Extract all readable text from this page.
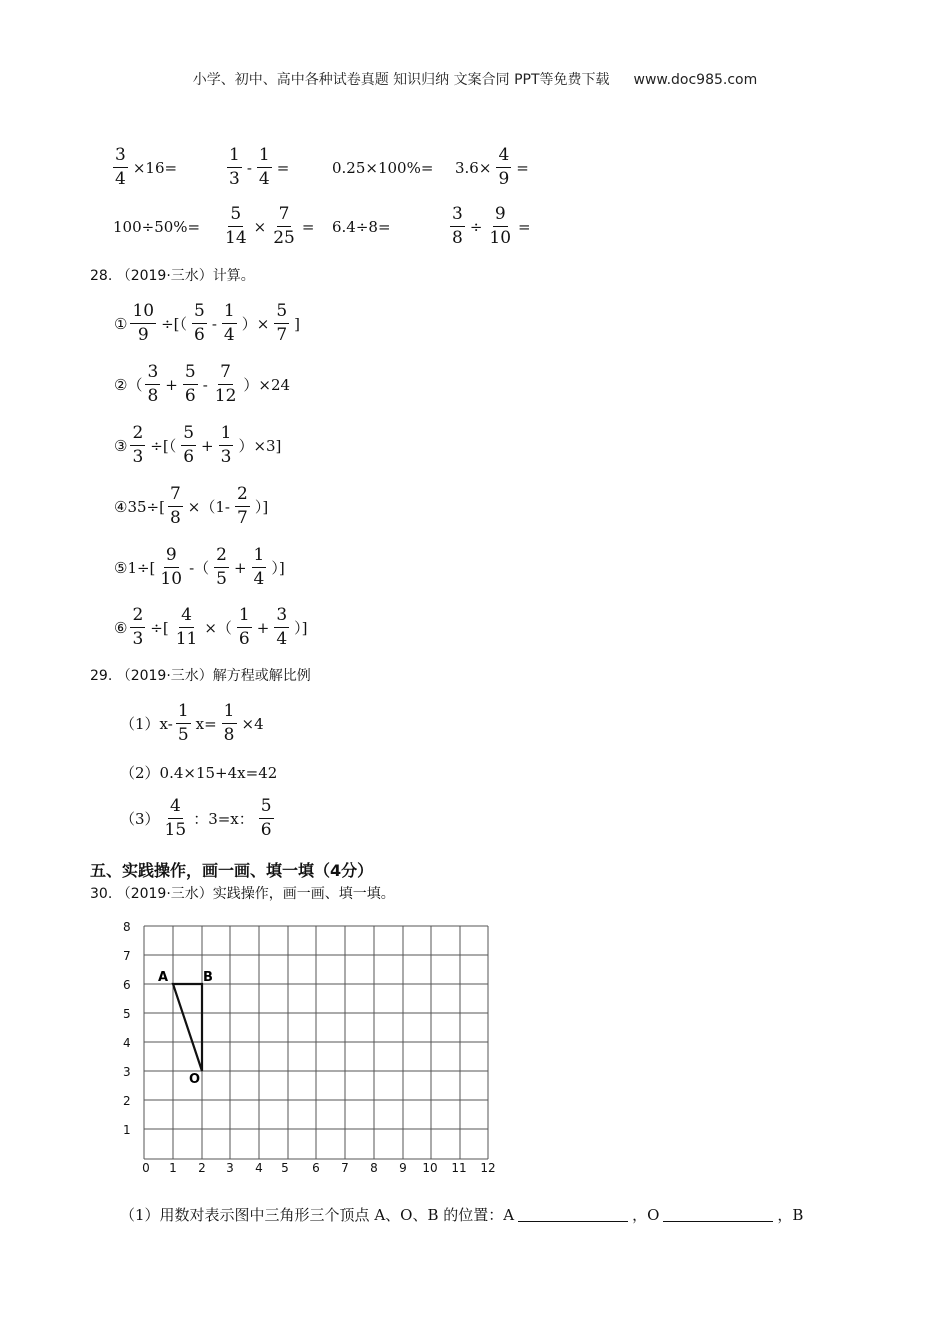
小学、初中、高中各种试卷真题 知识归纳 文案合同 PPT等免费下载 www.doc985.com
$\frac{3}{4} \times 16=$	$\frac{1}{3} - \frac{1}{4}$ =	$0.25\times 100\%= 3.6\times \frac{4}{9}$ =
$100\div 50\%= \frac{5}{14} \times \frac{7}{25} = 6.4\div 8=$	$\frac{3}{8} \div \frac{9}{10}$ =
28. （2019·三水）计算。
① $\frac{10}{9}$ ÷[（ $\frac{5}{6} - \frac{1}{4}$ ）× $\frac{5}{7}$ ]
②（ $\frac{3}{8} + \frac{5}{6} - \frac{7}{12} )\times 24$
③ $\frac{2}{3}$ ÷[（ $\frac{5}{6} + \frac{1}{3} )\times 3$]
④35÷[ $\frac{7}{8} \times(1- \frac{2}{7}$ ）]
⑤1÷[ $\frac{9}{10}$ -（ $\frac{2}{5} + \frac{1}{4}$ ）]
⑥ $\frac{2}{3}$ ÷[ $\frac{4}{11}$ ×（ $\frac{1}{6} + \frac{3}{4}$ ）]
29. （2019·三水）解方程或解比例
$(1)x- \frac{1}{5} x= \frac{1}{8} \times 4$
（2）0.4×15+4x=42
$(3) \frac{4}{15}$ ：3=x： $\frac{5}{6}$
五、实践操作，画一画、填一填（4分）
30. （2019·三水）实践操作，画一画、填一填。
A	B
O
8
7
6
5
4
3
2
1
0 1 2 3 4 5 6 7 8 9 10 11 12
（1）用数对表示图中三角形三个顶点 A、O、B 的位置：A	，O	，B
